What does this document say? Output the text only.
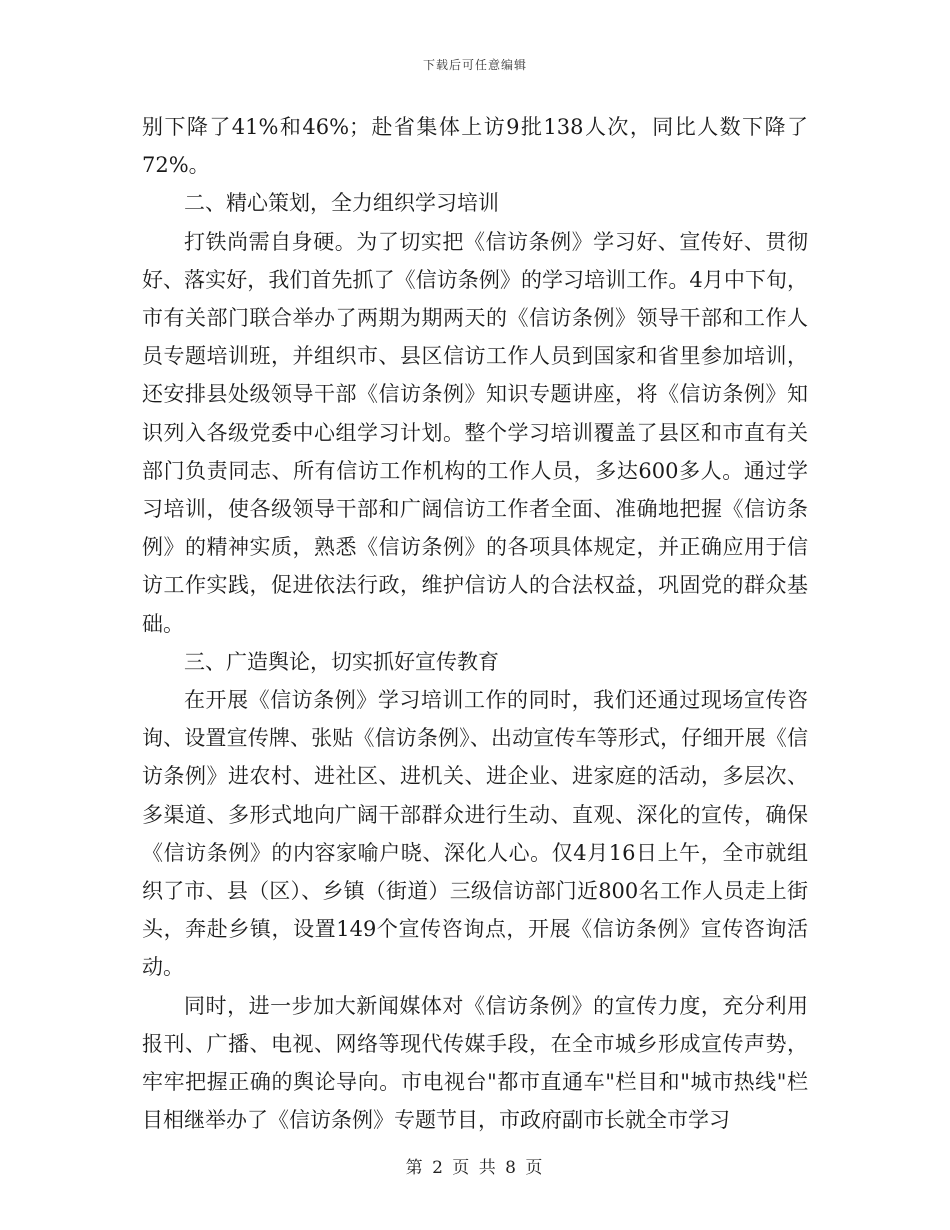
下载后可任意编辑

别下降了41%和46%；赴省集体上访9批138人次，同比人数下降了72%。

二、精心策划，全力组织学习培训

打铁尚需自身硬。为了切实把《信访条例》学习好、宣传好、贯彻好、落实好，我们首先抓了《信访条例》的学习培训工作。4月中下旬，市有关部门联合举办了两期为期两天的《信访条例》领导干部和工作人员专题培训班，并组织市、县区信访工作人员到国家和省里参加培训，还安排县处级领导干部《信访条例》知识专题讲座，将《信访条例》知识列入各级党委中心组学习计划。整个学习培训覆盖了县区和市直有关部门负责同志、所有信访工作机构的工作人员，多达600多人。通过学习培训，使各级领导干部和广阔信访工作者全面、准确地把握《信访条例》的精神实质，熟悉《信访条例》的各项具体规定，并正确应用于信访工作实践，促进依法行政，维护信访人的合法权益，巩固党的群众基础。

三、广造舆论，切实抓好宣传教育

在开展《信访条例》学习培训工作的同时，我们还通过现场宣传咨询、设置宣传牌、张贴《信访条例》、出动宣传车等形式，仔细开展《信访条例》进农村、进社区、进机关、进企业、进家庭的活动，多层次、多渠道、多形式地向广阔干部群众进行生动、直观、深化的宣传，确保《信访条例》的内容家喻户晓、深化人心。仅4月16日上午，全市就组织了市、县（区）、乡镇（街道）三级信访部门近800名工作人员走上街头，奔赴乡镇，设置149个宣传咨询点，开展《信访条例》宣传咨询活动。

同时，进一步加大新闻媒体对《信访条例》的宣传力度，充分利用报刊、广播、电视、网络等现代传媒手段，在全市城乡形成宣传声势，牢牢把握正确的舆论导向。市电视台"都市直通车"栏目和"城市热线"栏目相继举办了《信访条例》专题节目，市政府副市长就全市学习

第 2 页 共 8 页
